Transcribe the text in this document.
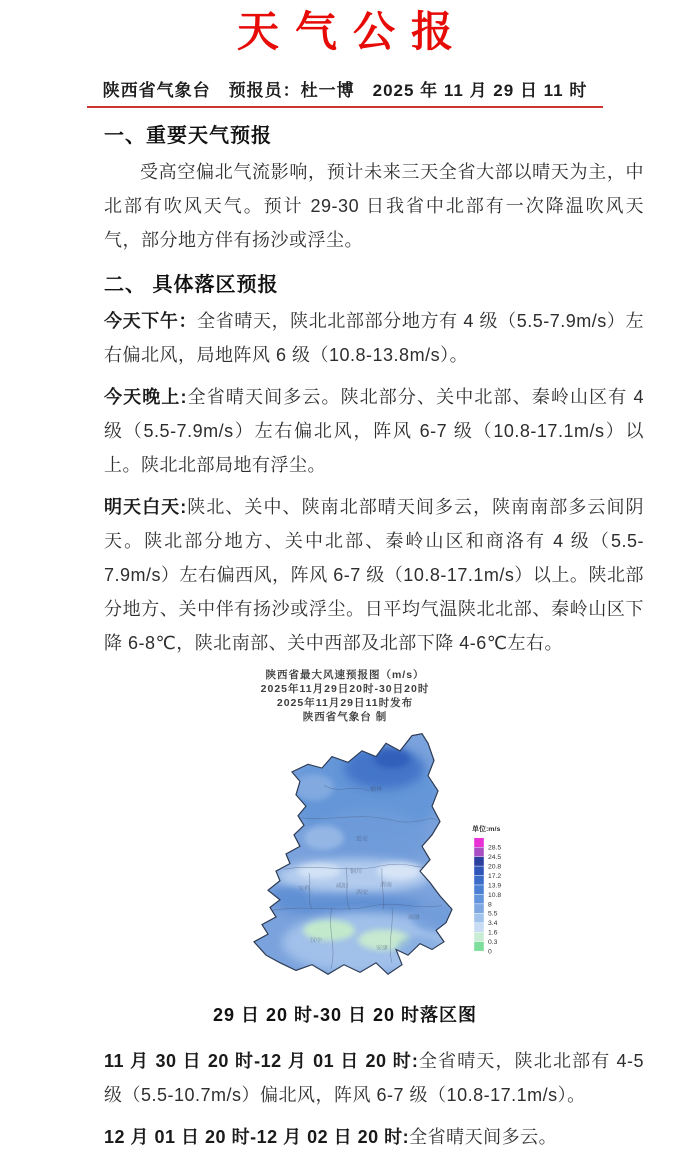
天气公报
陕西省气象台　预报员：杜一博　2025 年 11 月 29 日 11 时
一、重要天气预报

受高空偏北气流影响，预计未来三天全省大部以晴天为主，中北部有吹风天气。预计 29-30 日我省中北部有一次降温吹风天气，部分地方伴有扬沙或浮尘。

二、 具体落区预报

今天下午：全省晴天，陕北北部部分地方有 4 级（5.5-7.9m/s）左右偏北风，局地阵风 6 级（10.8-13.8m/s）。

今天晚上:全省晴天间多云。陕北部分、关中北部、秦岭山区有 4 级（5.5-7.9m/s）左右偏北风，阵风 6-7 级（10.8-17.1m/s）以上。陕北北部局地有浮尘。

明天白天:陕北、关中、陕南北部晴天间多云，陕南南部多云间阴天。陕北部分地方、关中北部、秦岭山区和商洛有 4 级（5.5-7.9m/s）左右偏西风，阵风 6-7 级（10.8-17.1m/s）以上。陕北部分地方、关中伴有扬沙或浮尘。日平均气温陕北北部、秦岭山区下降 6-8℃，陕北南部、关中西部及北部下降 4-6℃左右。

陕西省最大风速预报图（m/s）
2025年11月29日20时-30日20时
2025年11月29日11时发布
陕西省气象台 制
榆林
延安
铜川
咸阳
西安
渭南
宝鸡
汉中
安康
商洛
单位:m/s
28.5
24.5
20.8
17.2
13.9
10.8
8
5.5
3.4
1.6
0.3
0
29 日 20 时-30 日 20 时落区图

11 月 30 日 20 时-12 月 01 日 20 时:全省晴天，陕北北部有 4-5 级（5.5-10.7m/s）偏北风，阵风 6-7 级（10.8-17.1m/s）。

12 月 01 日 20 时-12 月 02 日 20 时:全省晴天间多云。
